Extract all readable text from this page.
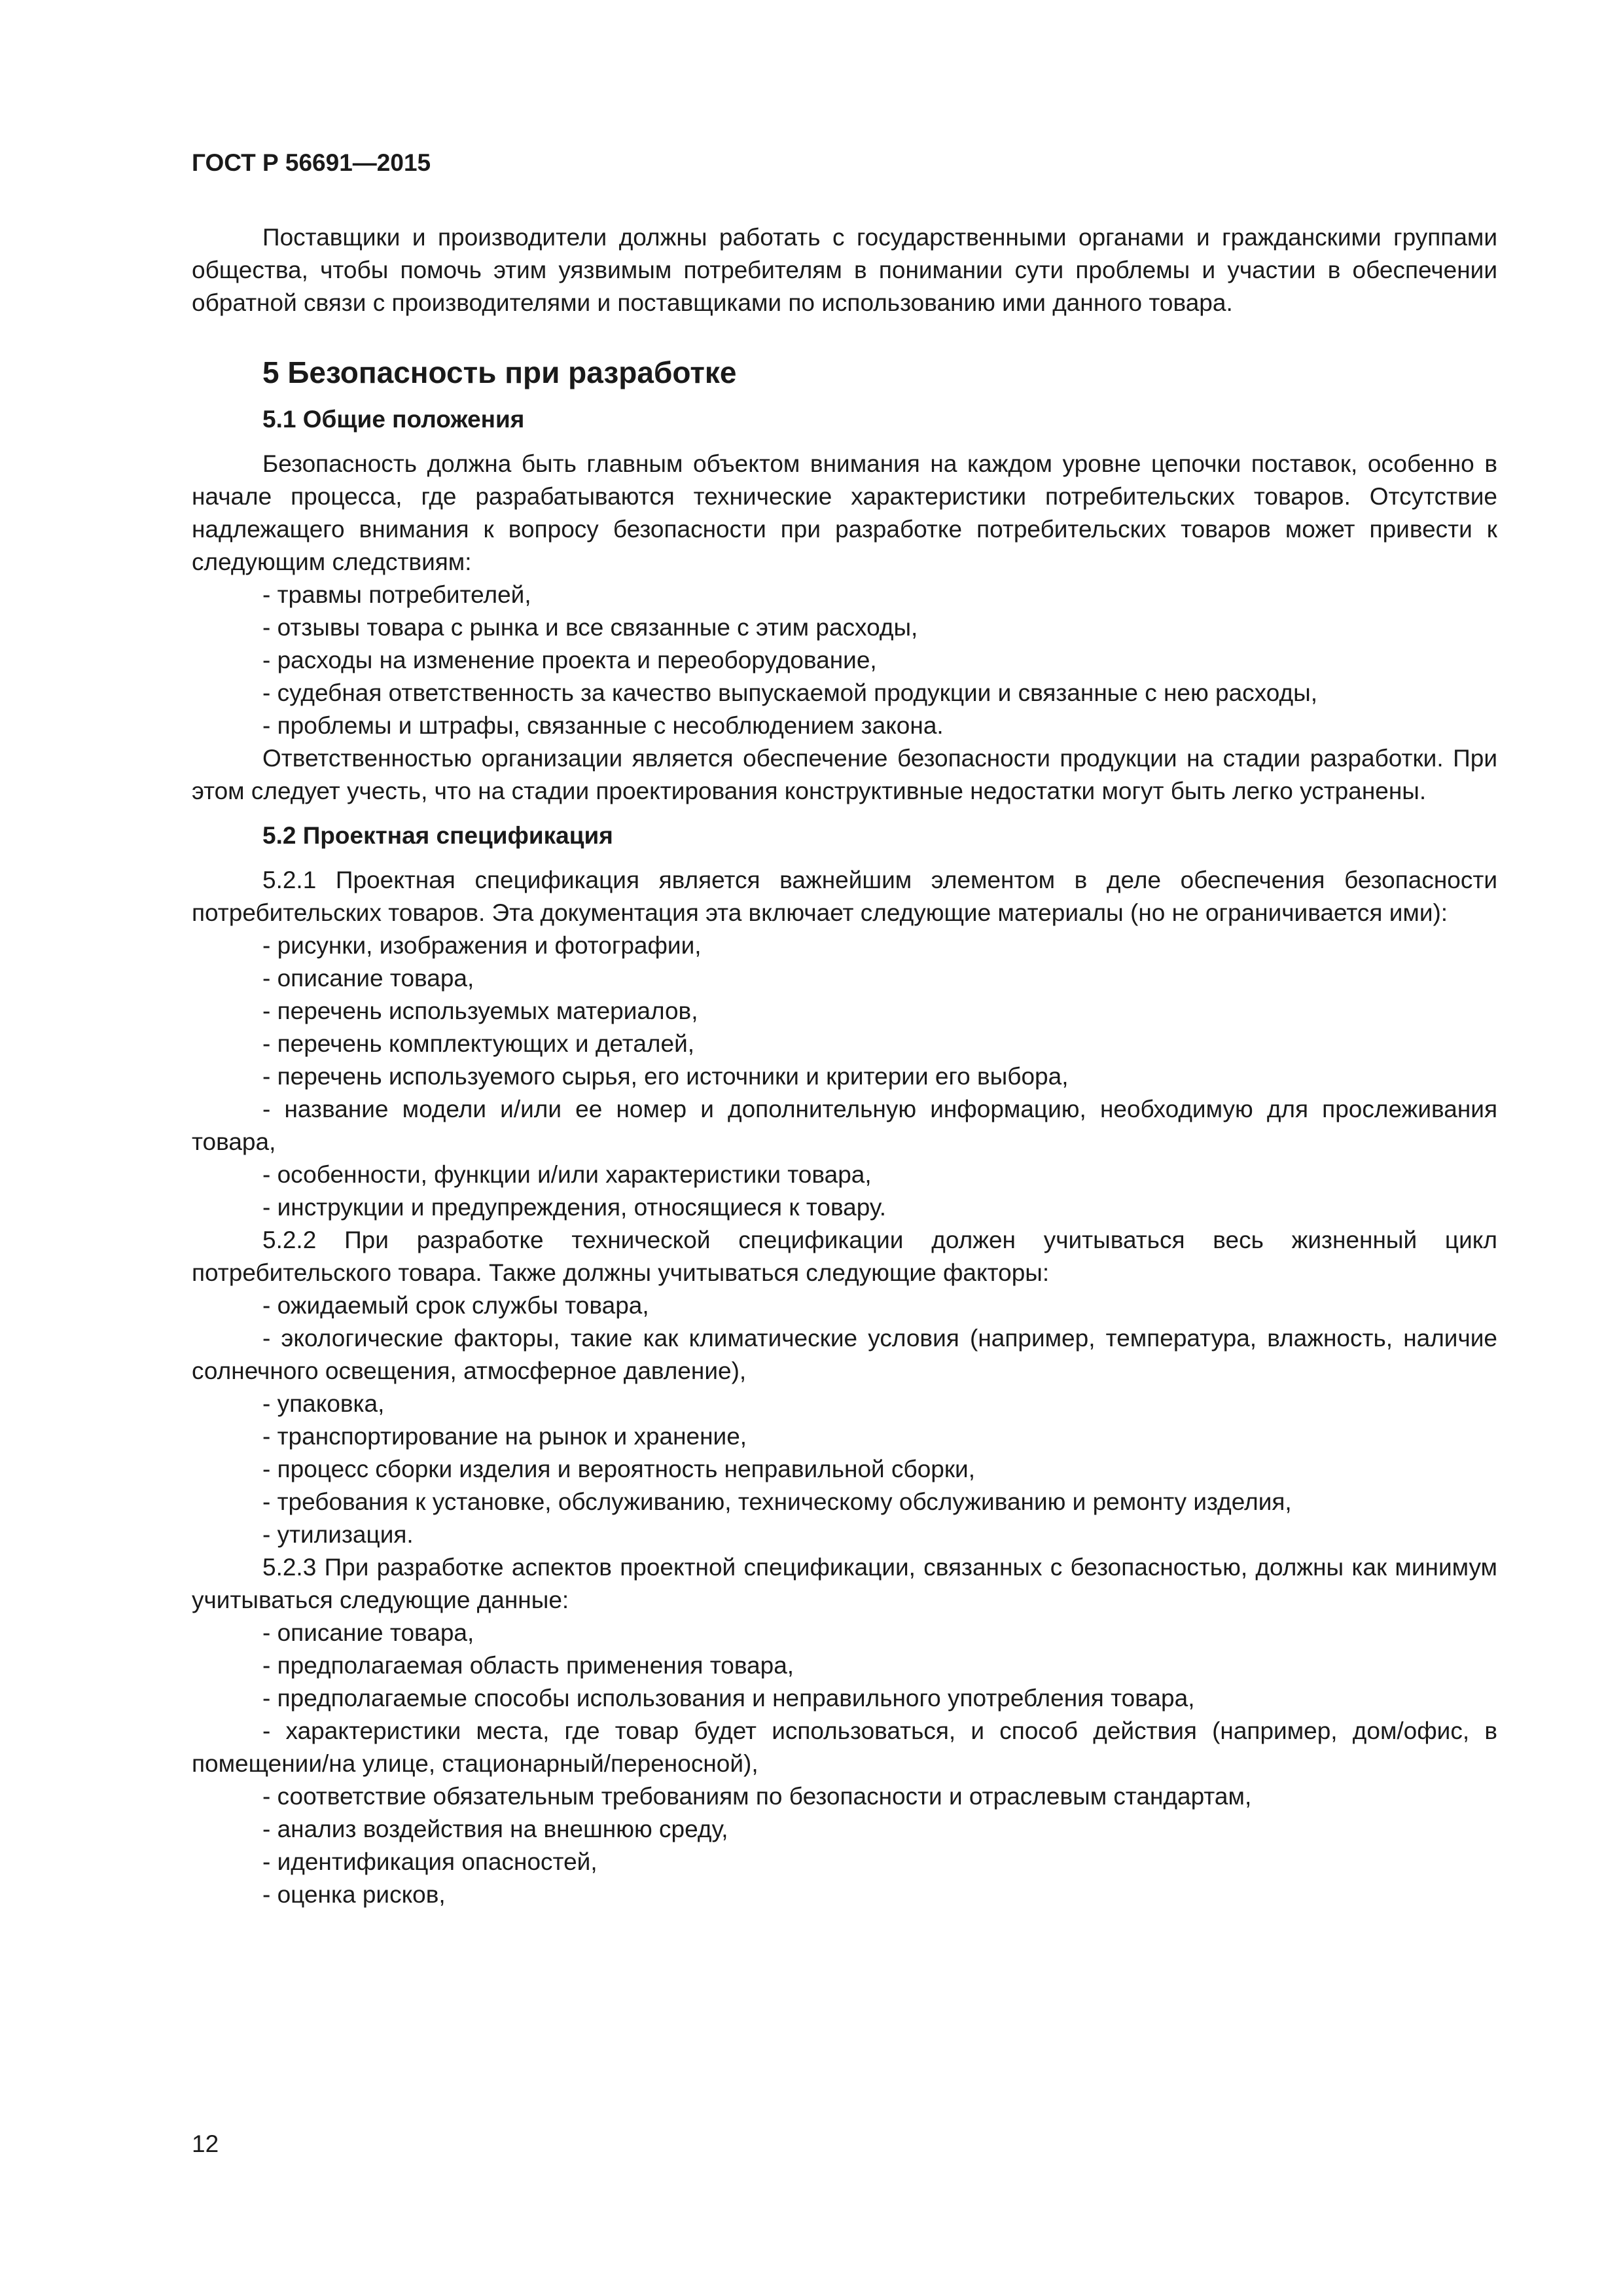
ГОСТ Р 56691—2015

Поставщики и производители должны работать с государственными органами и гражданскими группами общества, чтобы помочь этим уязвимым потребителям в понимании сути проблемы и участии в обеспечении обратной связи с производителями и поставщиками по использованию ими данного товара.

5 Безопасность при разработке
5.1 Общие положения

Безопасность должна быть главным объектом внимания на каждом уровне цепочки поставок, особенно в начале процесса, где разрабатываются технические характеристики потребительских товаров. Отсутствие надлежащего внимания к вопросу безопасности при разработке потребительских товаров может привести к следующим следствиям:

- травмы потребителей,

- отзывы товара с рынка и все связанные с этим расходы,

- расходы на изменение проекта и переоборудование,

- судебная ответственность за качество выпускаемой продукции и связанные с нею расходы,

- проблемы и штрафы, связанные с несоблюдением закона.

Ответственностью организации является обеспечение безопасности продукции на стадии разработки. При этом следует учесть, что на стадии проектирования конструктивные недостатки могут быть легко устранены.

5.2 Проектная спецификация

5.2.1 Проектная спецификация является важнейшим элементом в деле обеспечения безопасности потребительских товаров. Эта документация эта включает следующие материалы (но не ограничивается ими):

- рисунки, изображения и фотографии,

- описание товара,

- перечень используемых материалов,

- перечень комплектующих и деталей,

- перечень используемого сырья, его источники и критерии его выбора,

- название модели и/или ее номер и дополнительную информацию, необходимую для прослеживания товара,

- особенности, функции и/или характеристики товара,

- инструкции и предупреждения, относящиеся к товару.

5.2.2 При разработке технической спецификации должен учитываться весь жизненный цикл потребительского товара. Также должны учитываться следующие факторы:

- ожидаемый срок службы товара,

- экологические факторы, такие как климатические условия (например, температура, влажность, наличие солнечного освещения, атмосферное давление),

- упаковка,

- транспортирование на рынок и хранение,

- процесс сборки изделия и вероятность неправильной сборки,

- требования к установке, обслуживанию, техническому обслуживанию и ремонту изделия,

- утилизация.

5.2.3 При разработке аспектов проектной спецификации, связанных с безопасностью, должны как минимум учитываться следующие данные:

- описание товара,

- предполагаемая область применения товара,

- предполагаемые способы использования и неправильного употребления товара,

- характеристики места, где товар будет использоваться, и способ действия (например, дом/офис, в помещении/на улице, стационарный/переносной),

- соответствие обязательным требованиям по безопасности и отраслевым стандартам,

- анализ воздействия на внешнюю среду,

- идентификация опасностей,

- оценка рисков,

12
